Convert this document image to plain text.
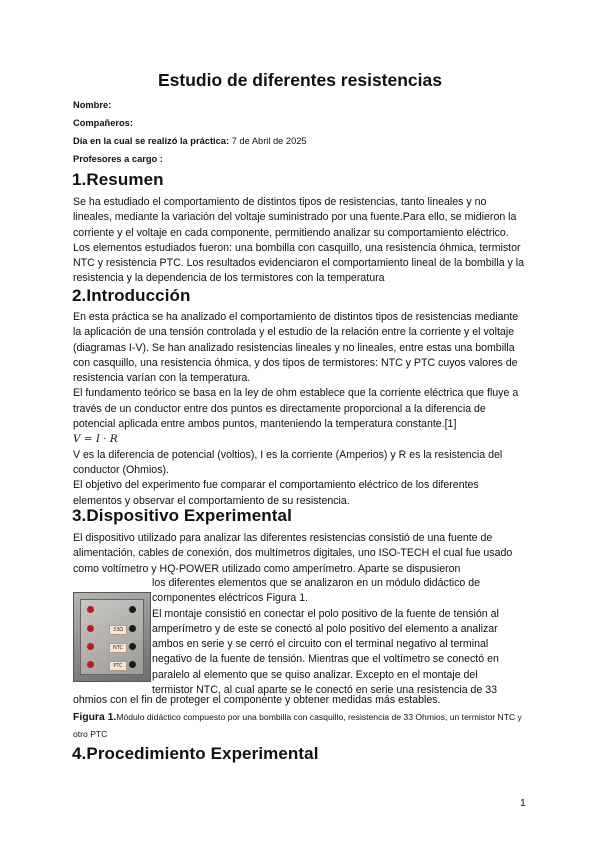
Estudio de diferentes resistencias
Nombre:
Compañeros:
Día en la cual se realizó la práctica: 7 de Abril de 2025
Profesores a cargo :
1.Resumen

Se ha estudiado el comportamiento de distintos tipos de resistencias, tanto lineales y no lineales, mediante la variación del voltaje suministrado por una fuente.Para ello, se midieron la corriente y el voltaje en cada componente, permitiendo analizar su comportamiento eléctrico. Los elementos estudiados fueron: una bombilla con casquillo, una resistencia óhmica, termistor NTC y resistencia PTC. Los resultados evidenciaron el comportamiento lineal de la bombilla y la resistencia y la dependencia de los termistores con la temperatura

2.Introducción

En esta práctica se ha analizado el comportamiento de distintos tipos de resistencias mediante la aplicación de una tensión controlada y el estudio de la relación entre la corriente y el voltaje (diagramas I-V). Se han analizado resistencias lineales y no lineales, entre estas una bombilla con casquillo, una resistencia óhmica, y dos tipos de termistores: NTC y PTC cuyos valores de resistencia varían con la temperatura.

El fundamento teórico se basa en la ley de ohm establece que la corriente eléctrica que fluye a través de un conductor entre dos puntos es directamente proporcional a la diferencia de potencial aplicada entre ambos puntos, manteniendo la temperatura constante.[1]

V = I · R

V es la diferencia de potencial (voltios), I es la corriente (Amperios) y R es la resistencia del conductor (Ohmios).

El objetivo del experimento fue comparar el comportamiento eléctrico de los diferentes elementos y observar el comportamiento de su resistencia.

3.Dispositivo Experimental

El dispositivo utilizado para analizar las diferentes resistencias consistió de una fuente de alimentación, cables de conexión, dos multímetros digitales, uno ISO-TECH el cual fue usado como voltímetro y HQ-POWER utilizado como amperímetro. Aparte se dispusieron

33Ω
NTC
PTC

los diferentes elementos que se analizaron en un módulo didáctico de

componentes eléctricos Figura 1.

El montaje consistió en conectar el polo positivo de la fuente de tensión al

amperímetro y de este se conectó al polo positivo del elemento a analizar

ambos en serie y se cerró el circuito con el terminal negativo al terminal

negativo de la fuente de tensión. Mientras que el voltímetro se conectó en

paralelo al elemento que se quiso analizar. Excepto en el montaje del

termistor NTC, al cual aparte se le conectó en serie una resistencia de 33

ohmios con el fin de proteger el componente y obtener medidas más estables.

Figura 1.Módulo didáctico compuesto por una bombilla con casquillo, resistencia de 33 Ohmios, un termistor NTC y otro PTC
4.Procedimiento Experimental
1
